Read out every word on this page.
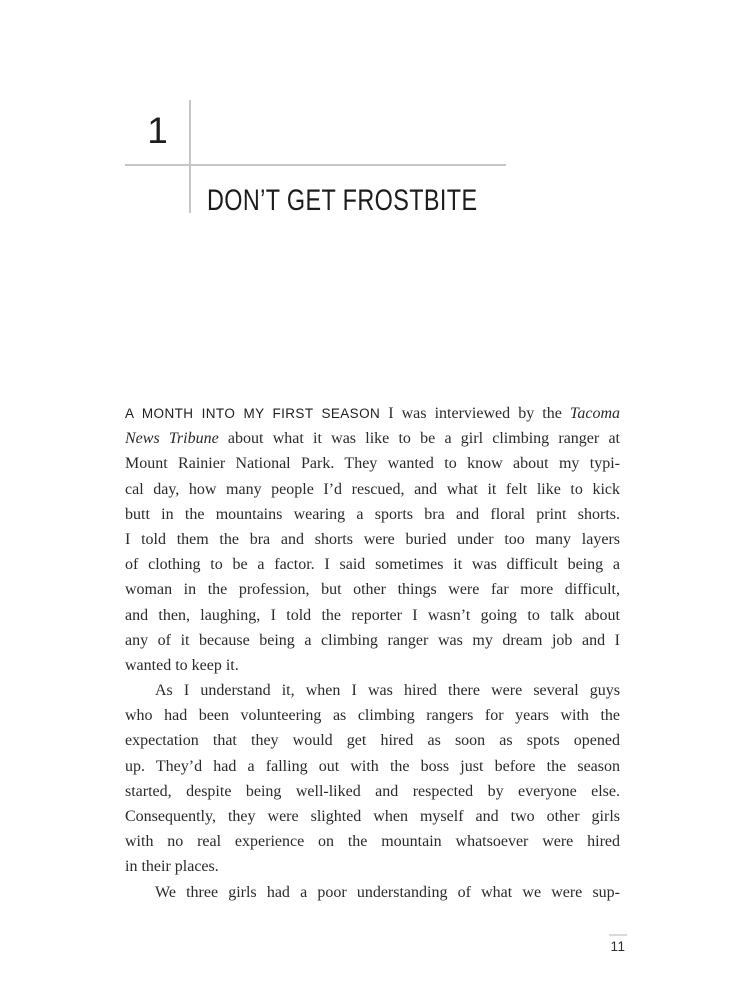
1
DON’T GET FROSTBITE
A MONTH INTO MY FIRST SEASON I was interviewed by the Tacoma
News Tribune about what it was like to be a girl climbing ranger at
Mount Rainier National Park. They wanted to know about my typi-
cal day, how many people I’d rescued, and what it felt like to kick
butt in the mountains wearing a sports bra and floral print shorts.
I told them the bra and shorts were buried under too many layers
of clothing to be a factor. I said sometimes it was difficult being a
woman in the profession, but other things were far more difficult,
and then, laughing, I told the reporter I wasn’t going to talk about
any of it because being a climbing ranger was my dream job and I
wanted to keep it.
As I understand it, when I was hired there were several guys
who had been volunteering as climbing rangers for years with the
expectation that they would get hired as soon as spots opened
up. They’d had a falling out with the boss just before the season
started, despite being well-liked and respected by everyone else.
Consequently, they were slighted when myself and two other girls
with no real experience on the mountain whatsoever were hired
in their places.
We three girls had a poor understanding of what we were sup-
11
